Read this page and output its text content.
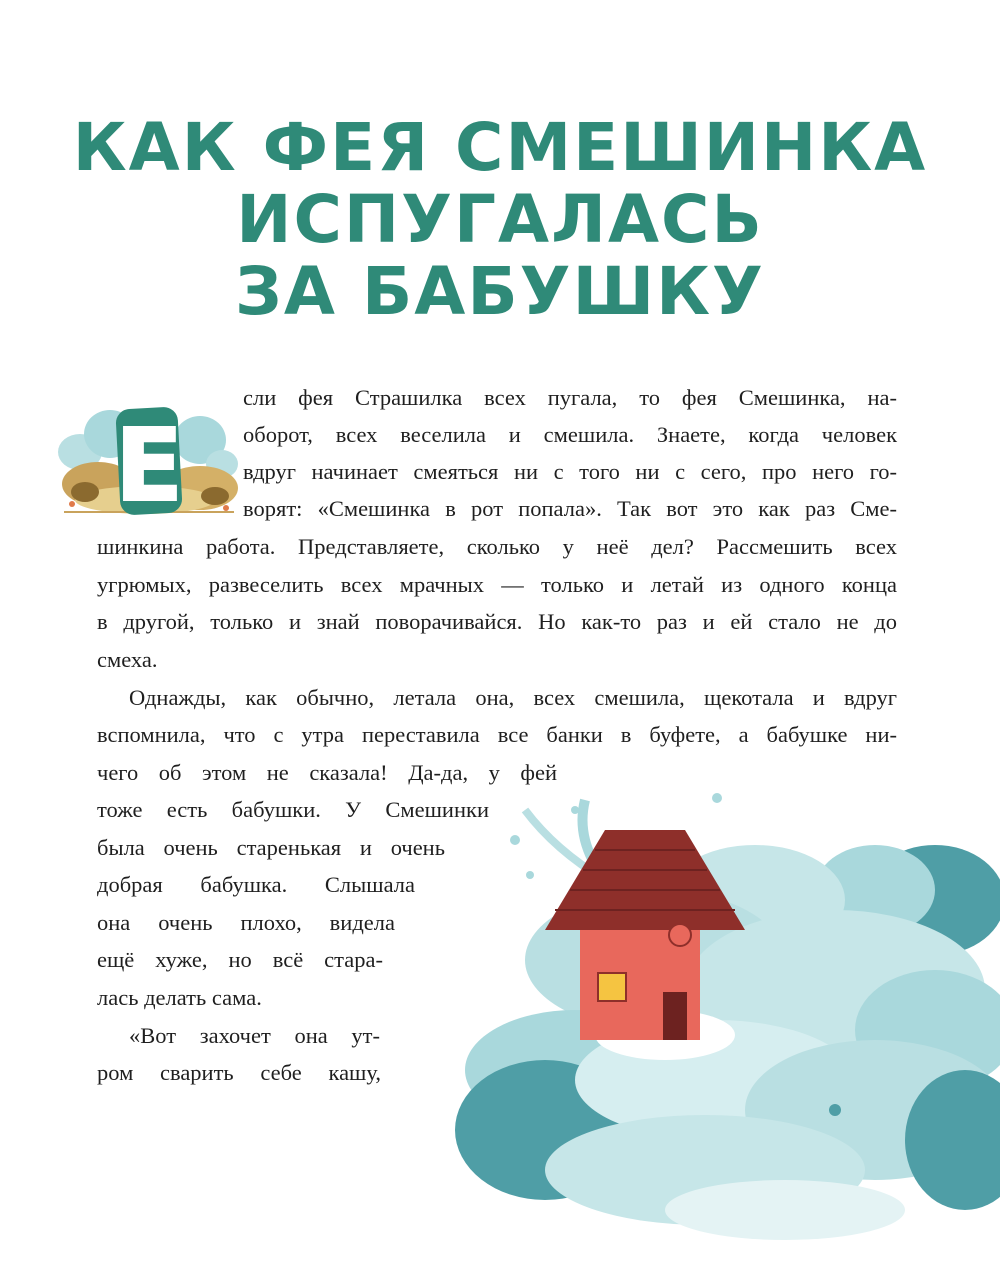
КАК ФЕЯ СМЕШИНКА
ИСПУГАЛАСЬ
ЗА БАБУШКУ
Е

сли фея Страшилка всех пугала, то фея Смешинка, на-

оборот, всех веселила и смешила. Знаете, когда человек

вдруг начинает смеяться ни с того ни с сего, про него го-

ворят: «Смешинка в рот попала». Так вот это как раз Сме-

шинкина работа. Представляете, сколько у неё дел? Рассмешить всех

угрюмых, развеселить всех мрачных — только и летай из одного конца

в другой, только и знай поворачивайся. Но как-то раз и ей стало не до

смеха.

Однажды, как обычно, летала она, всех смешила, щекотала и вдруг

вспомнила, что с утра переставила все банки в буфете, а бабушке ни-

чего об этом не сказала! Да-да, у фей

тоже есть бабушки. У Смешинки

была очень старенькая и очень

добрая бабушка. Слышала

она очень плохо, видела

ещё хуже, но всё стара-

лась делать сама.

«Вот захочет она ут-

ром сварить себе кашу,
